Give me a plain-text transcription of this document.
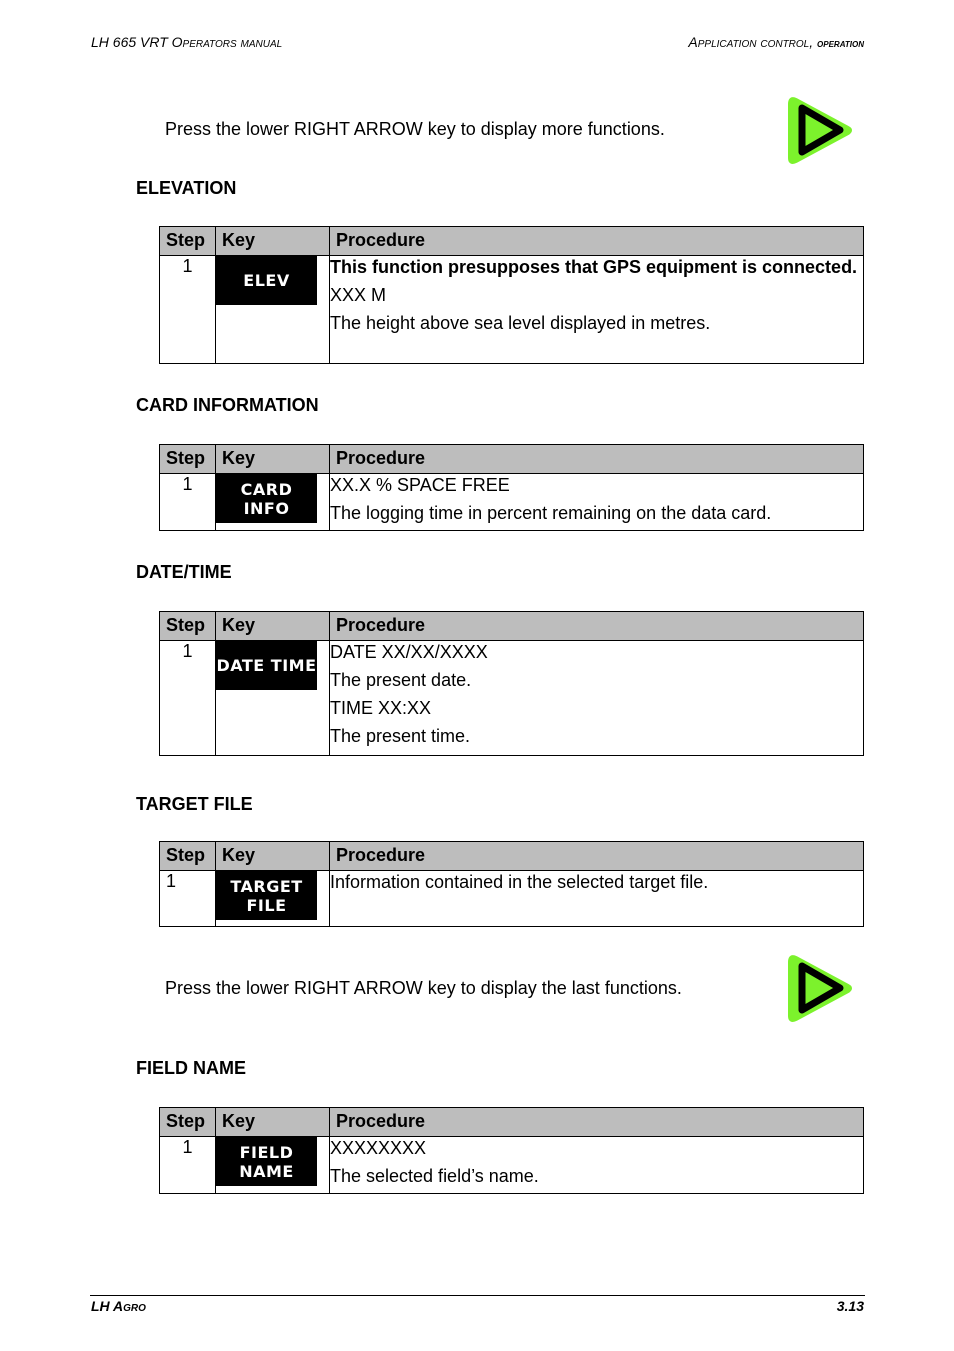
LH 665 VRT Operators manual	Application control, operation
Press the lower RIGHT ARROW key to display more functions.
ELEVATION
Step	Key	Procedure
1	ELEV	This function presupposes that GPS equipment is connected.

XXX M

The height above sea level displayed in metres.

CARD INFORMATION
Step	Key	Procedure
1	CARD INFO	XX.X % SPACE FREE

The logging time in percent remaining on the data card.

DATE/TIME
Step	Key	Procedure
1	DATE TIME	DATE XX/XX/XXXX

The present date.

TIME XX:XX

The present time.

TARGET FILE
Step	Key	Procedure
1	TARGET FILE	Information contained in the selected target file.

Press the lower RIGHT ARROW key to display the last functions.
FIELD NAME
Step	Key	Procedure
1	FIELD NAME	XXXXXXXX

The selected field’s name.

LH Agro	3.13
